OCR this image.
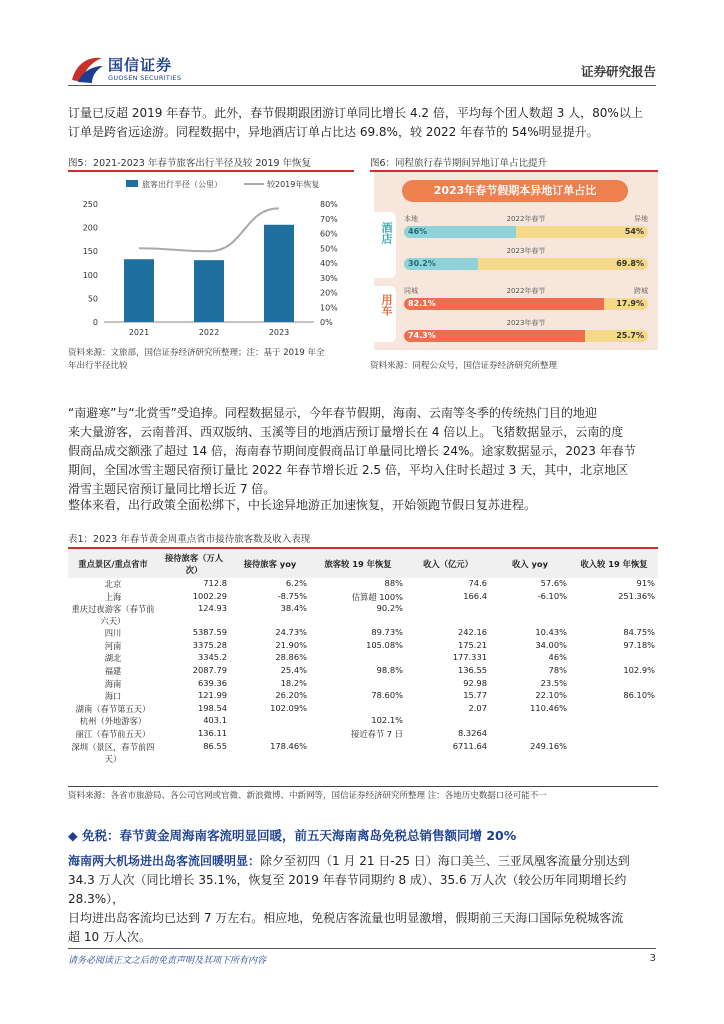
国信证券
GUOSEN SECURITIES	证券研究报告
订量已反超 2019 年春节。此外，春节假期跟团游订单同比增长 4.2 倍，平均每个团人数超 3 人，80%以上
订单是跨省远途游。同程数据中，异地酒店订单占比达 69.8%，较 2022 年春节的 54%明显提升。
图5：2021-2023 年春节旅客出行半径及较 2019 年恢复
旅客出行半径（公里）	较2019年恢复
250
200
150
100
50
0
80%
70%
60%
50%
40%
30%
20%
10%
0%
2021	2022	2023
资料来源：文旅部，国信证券经济研究所整理；注：基于 2019 年全
年出行半径比较
图6：同程旅行春节期间异地订单占比提升
2023年春节假期本异地订单占比
酒店
本地	2022年春节	异地
46%	54%
2023年春节
30.2%	69.8%
用车
同城	2022年春节	跨城
82.1%	17.9%
2023年春节
74.3%	25.7%
资料来源：同程公众号，国信证券经济研究所整理
“南避寒”与“北赏雪”受追捧。同程数据显示，今年春节假期，海南、云南等冬季的传统热门目的地迎
来大量游客，云南普洱、西双版纳、玉溪等目的地酒店预订量增长在 4 倍以上。飞猪数据显示，云南的度
假商品成交额涨了超过 14 倍，海南春节期间度假商品订单量同比增长 24%。途家数据显示，2023 年春节
期间，全国冰雪主题民宿预订量比 2022 年春节增长近 2.5 倍，平均入住时长超过 3 天，其中，北京地区
滑雪主题民宿预订量同比增长近 7 倍。
整体来看，出行政策全面松绑下，中长途异地游正加速恢复，开始领跑节假日复苏进程。
表1：2023 年春节黄金周重点省市接待旅客数及收入表现
重点景区/重点省市	接待旅客（万人次）	接待旅客 yoy	旅客较 19 年恢复	收入（亿元）	收入 yoy	收入较 19 年恢复
北京	712.8	6.2%	88%	74.6	57.6%	91%
上海	1002.29	-8.75%	估算超 100%	166.4	-6.10%	251.36%
重庆过夜游客（春节前六天）	124.93	38.4%	90.2%			
四川	5387.59	24.73%	89.73%	242.16	10.43%	84.75%
河南	3375.28	21.90%	105.08%	175.21	34.00%	97.18%
湖北	3345.2	28.86%		177.331	46%	
福建	2087.79	25.4%	98.8%	136.55	78%	102.9%
海南	639.36	18.2%		92.98	23.5%	
海口	121.99	26.20%	78.60%	15.77	22.10%	86.10%
湖南（春节第五天）	198.54	102.09%		2.07	110.46%	
杭州（外地游客）	403.1		102.1%			
丽江（春节前五天）	136.11		接近春节 7 日	8.3264		
深圳（景区，春节前四天）	86.55	178.46%		6711.64	249.16%	
资料来源：各省市旅游局、各公司官网或官微、新浪微博、中新网等，国信证券经济研究所整理 注：各地历史数据口径可能不一
◆ 免税：春节黄金周海南客流明显回暖，前五天海南离岛免税总销售额同增 20%
海南两大机场进出岛客流回暖明显：除夕至初四（1 月 21 日-25 日）海口美兰、三亚凤凰客流量分别达到
34.3 万人次（同比增长 35.1%，恢复至 2019 年春节同期约 8 成）、35.6 万人次（较公历年同期增长约 28.3%），
日均进出岛客流均已达到 7 万左右。相应地，免税店客流量也明显激增，假期前三天海口国际免税城客流
超 10 万人次。
请务必阅读正文之后的免责声明及其项下所有内容	3
